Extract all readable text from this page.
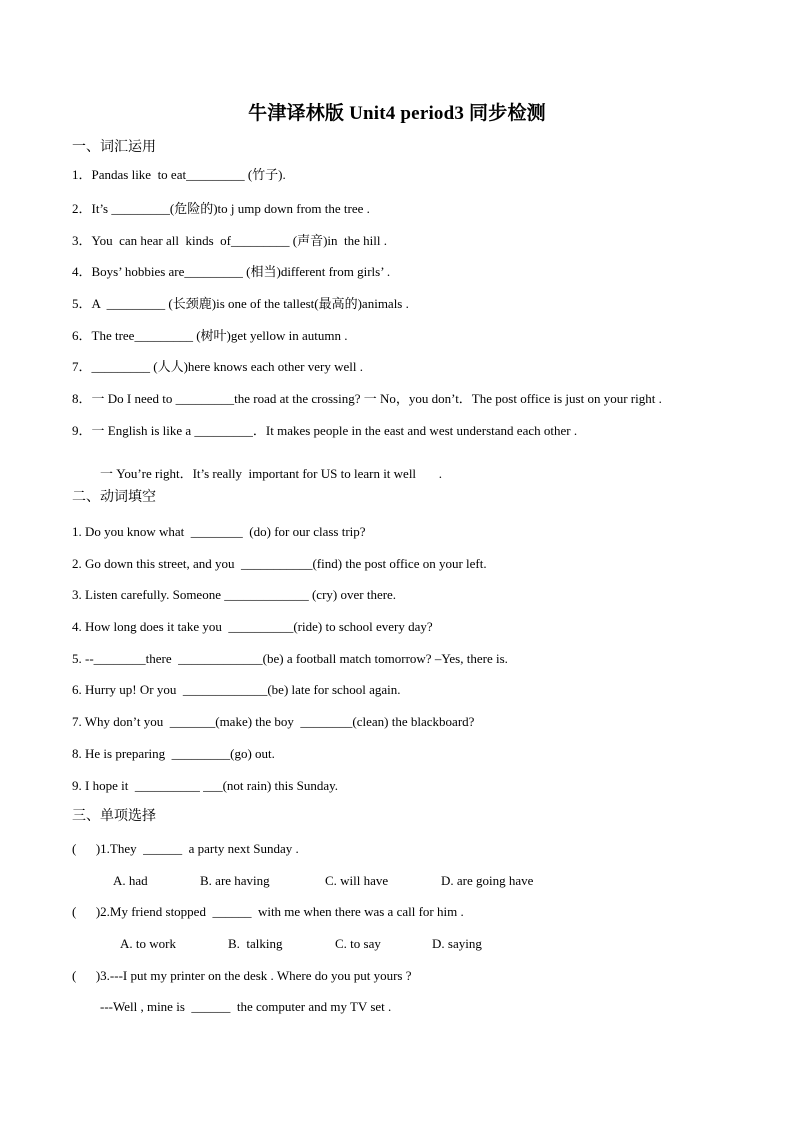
牛津译林版 Unit4 period3 同步检测
一、词汇运用
1．Pandas like  to eat_________ (竹子).
2．It’s _________(危险的)to j ump down from the tree .
3．You  can hear all  kinds  of_________ (声音)in  the hill .
4．Boys’ hobbies are_________ (相当)different from girls’ .
5．A  _________ (长颈鹿)is one of the tallest(最高的)animals .
6．The tree_________ (树叶)get yellow in autumn .
7．_________ (人人)here knows each other very well .
8．一 Do I need to _________the road at the crossing? 一 No，you don’t．The post office is just on your right .
9．一 English is like a _________．It makes people in the east and west understand each other .
一 You’re right．It’s really  important for US to learn it well       .
二、动词填空
1. Do you know what  ________  (do) for our class trip?
2. Go down this street, and you  ___________(find) the post office on your left.
3. Listen carefully. Someone _____________ (cry) over there.
4. How long does it take you  __________(ride) to school every day?
5. --________there  _____________(be) a football match tomorrow? –Yes, there is.
6. Hurry up! Or you  _____________(be) late for school again.
7. Why don’t you  _______(make) the boy  ________(clean) the blackboard?
8. He is preparing  _________(go) out.
9. I hope it  __________ ___(not rain) this Sunday.
三、单项选择
(      )1.They  ______  a party next Sunday .
A. had	B. are having	C. will have	D. are going have
(      )2.My friend stopped  ______  with me when there was a call for him .
A. to work	B.  talking	C. to say	D. saying
(      )3.---I put my printer on the desk . Where do you put yours ?
---Well , mine is  ______  the computer and my TV set .
